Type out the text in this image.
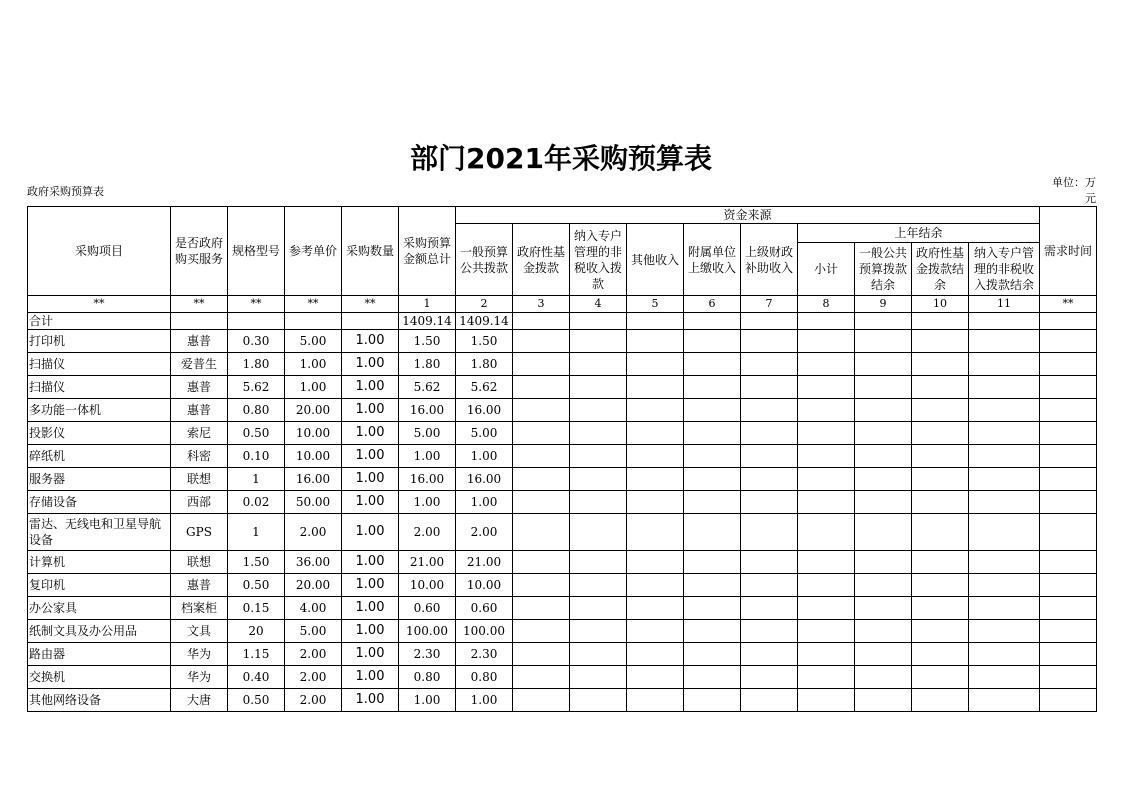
部门2021年采购预算表
政府采购预算表
单位：万元
采购项目	是否政府购买服务	规格型号	参考单价	采购数量	采购预算金额总计	资金来源										需求时间
						一般预算公共拨款	政府性基金拨款	纳入专户管理的非税收入拨款	其他收入	附属单位上缴收入	上级财政补助收入	上年结余				
												小计	一般公共预算拨款结余	政府性基金拨款结余	纳入专户管理的非税收入拨款结余	
**	**	**	**	**	1	2	3	4	5	6	7	8	9	10	11	**
合计					1409.14	1409.14										
打印机	惠普	0.30	5.00	1.00	1.50	1.50										
扫描仪	爱普生	1.80	1.00	1.00	1.80	1.80										
扫描仪	惠普	5.62	1.00	1.00	5.62	5.62										
多功能一体机	惠普	0.80	20.00	1.00	16.00	16.00										
投影仪	索尼	0.50	10.00	1.00	5.00	5.00										
碎纸机	科密	0.10	10.00	1.00	1.00	1.00										
服务器	联想	1	16.00	1.00	16.00	16.00										
存储设备	西部	0.02	50.00	1.00	1.00	1.00										
雷达、无线电和卫星导航设备	GPS	1	2.00	1.00	2.00	2.00										
计算机	联想	1.50	36.00	1.00	21.00	21.00										
复印机	惠普	0.50	20.00	1.00	10.00	10.00										
办公家具	档案柜	0.15	4.00	1.00	0.60	0.60										
纸制文具及办公用品	文具	20	5.00	1.00	100.00	100.00										
路由器	华为	1.15	2.00	1.00	2.30	2.30										
交换机	华为	0.40	2.00	1.00	0.80	0.80										
其他网络设备	大唐	0.50	2.00	1.00	1.00	1.00										
